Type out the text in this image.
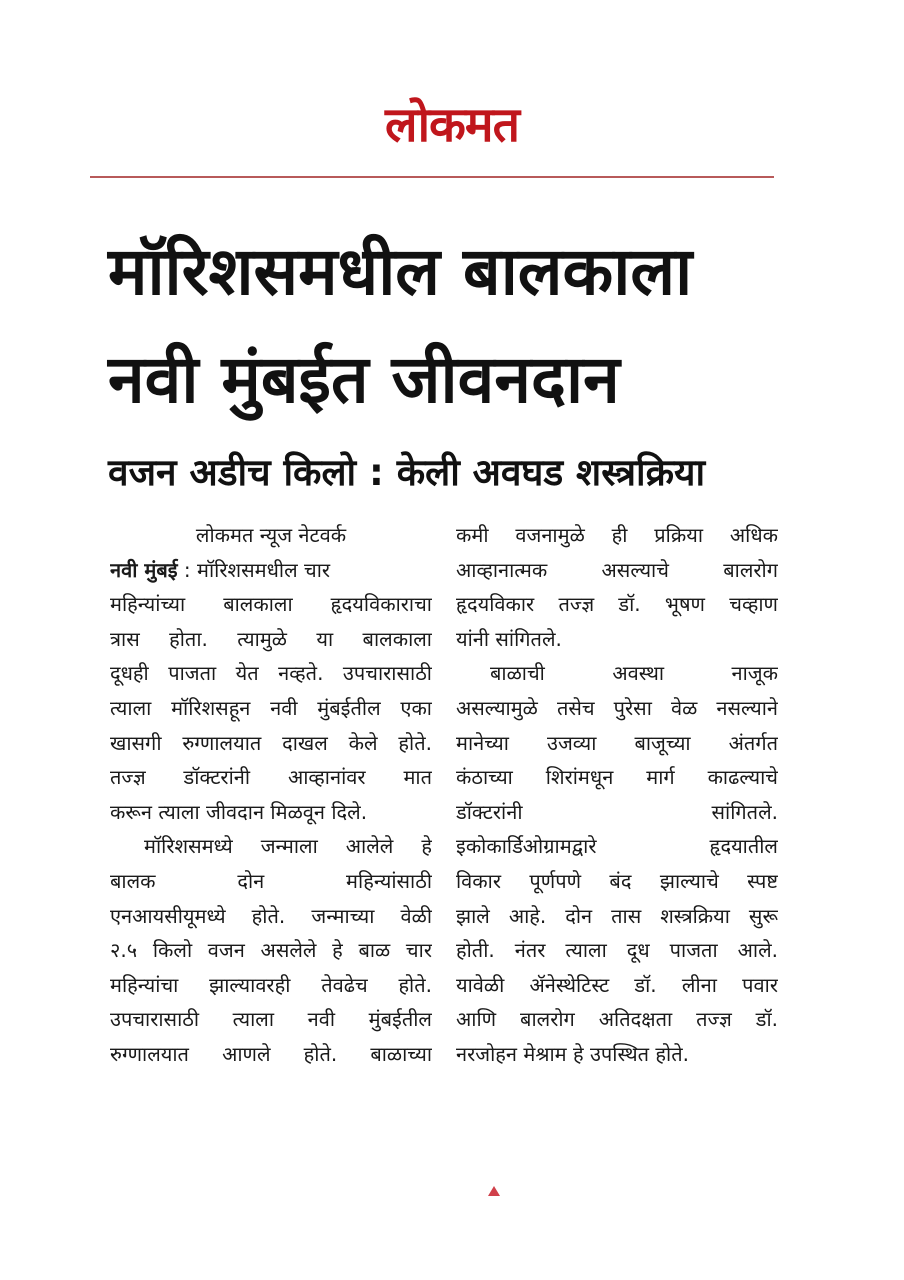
लोकमत
मॉरिशसमधील बालकाला
नवी मुंबईत जीवनदान
वजन अडीच किलो : केली अवघड शस्त्रक्रिया
लोकमत न्यूज नेटवर्क
नवी मुंबई : मॉरिशसमधील चार
महिन्यांच्या बालकाला हृदयविकाराचा
त्रास होता. त्यामुळे या बालकाला
दूधही पाजता येत नव्हते. उपचारासाठी
त्याला मॉरिशसहून नवी मुंबईतील एका
खासगी रुग्णालयात दाखल केले होते.
तज्ज्ञ डॉक्टरांनी आव्हानांवर मात
करून त्याला जीवदान मिळवून दिले.
मॉरिशसमध्ये जन्माला आलेले हे
बालक दोन महिन्यांसाठी
एनआयसीयूमध्ये होते. जन्माच्या वेळी
२.५ किलो वजन असलेले हे बाळ चार
महिन्यांचा झाल्यावरही तेवढेच होते.
उपचारासाठी त्याला नवी मुंबईतील
रुग्णालयात आणले होते. बाळाच्या
कमी वजनामुळे ही प्रक्रिया अधिक
आव्हानात्मक असल्याचे बालरोग
हृदयविकार तज्ज्ञ डॉ. भूषण चव्हाण
यांनी सांगितले.
बाळाची अवस्था नाजूक
असल्यामुळे तसेच पुरेसा वेळ नसल्याने
मानेच्या उजव्या बाजूच्या अंतर्गत
कंठाच्या शिरांमधून मार्ग काढल्याचे
डॉक्टरांनी सांगितले.
इकोकार्डिओग्रामद्वारे हृदयातील
विकार पूर्णपणे बंद झाल्याचे स्पष्ट
झाले आहे. दोन तास शस्त्रक्रिया सुरू
होती. नंतर त्याला दूध पाजता आले.
यावेळी ॲनेस्थेटिस्ट डॉ. लीना पवार
आणि बालरोग अतिदक्षता तज्ज्ञ डॉ.
नरजोहन मेश्राम हे उपस्थित होते.
